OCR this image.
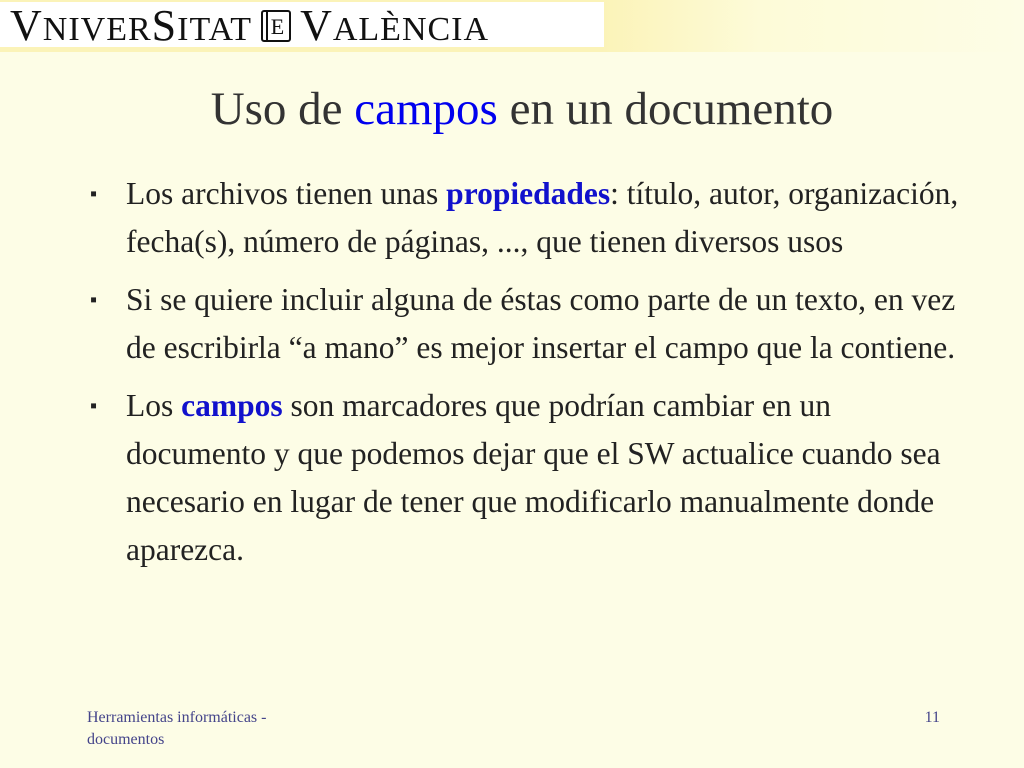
VNIVERSITAT E VALÈNCIA
Uso de campos en un documento
▪ Los archivos tienen unas propiedades: título, autor, organización, fecha(s), número de páginas, ..., que tienen diversos usos
▪ Si se quiere incluir alguna de éstas como parte de un texto, en vez de escribirla “a mano” es mejor insertar el campo que la contiene.
▪ Los campos son marcadores que podrían cambiar en un documento y que podemos dejar que el SW actualice cuando sea necesario en lugar de tener que modificarlo manualmente donde aparezca.
Herramientas informáticas -
documentos
11
